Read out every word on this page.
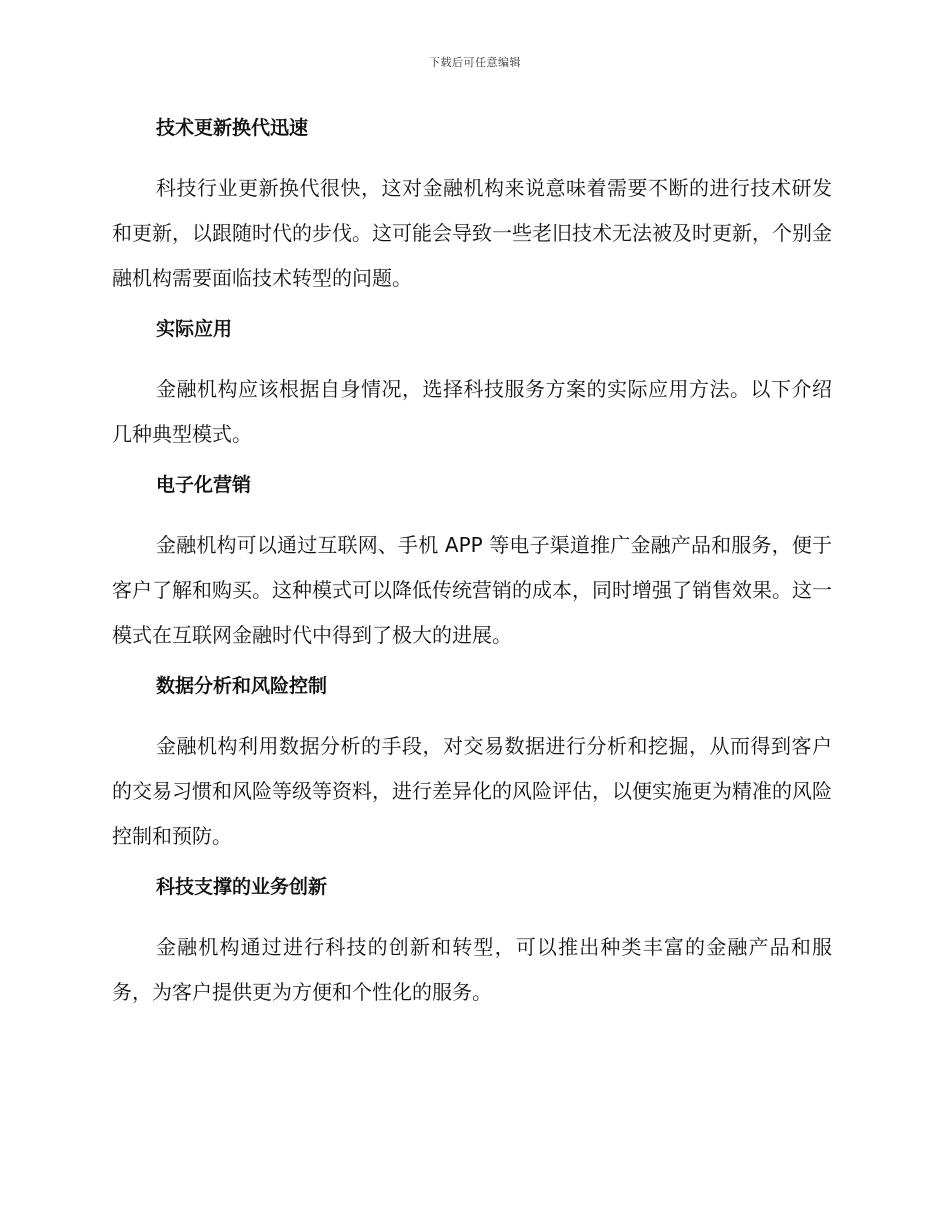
下载后可任意编辑
技术更新换代迅速
科技行业更新换代很快，这对金融机构来说意味着需要不断的进行技术研发和更新，以跟随时代的步伐。这可能会导致一些老旧技术无法被及时更新，个别金融机构需要面临技术转型的问题。
实际应用
金融机构应该根据自身情况，选择科技服务方案的实际应用方法。以下介绍几种典型模式。
电子化营销
金融机构可以通过互联网、手机 APP 等电子渠道推广金融产品和服务，便于客户了解和购买。这种模式可以降低传统营销的成本，同时增强了销售效果。这一模式在互联网金融时代中得到了极大的进展。
数据分析和风险控制
金融机构利用数据分析的手段，对交易数据进行分析和挖掘，从而得到客户的交易习惯和风险等级等资料，进行差异化的风险评估，以便实施更为精准的风险控制和预防。
科技支撑的业务创新
金融机构通过进行科技的创新和转型，可以推出种类丰富的金融产品和服务，为客户提供更为方便和个性化的服务。
